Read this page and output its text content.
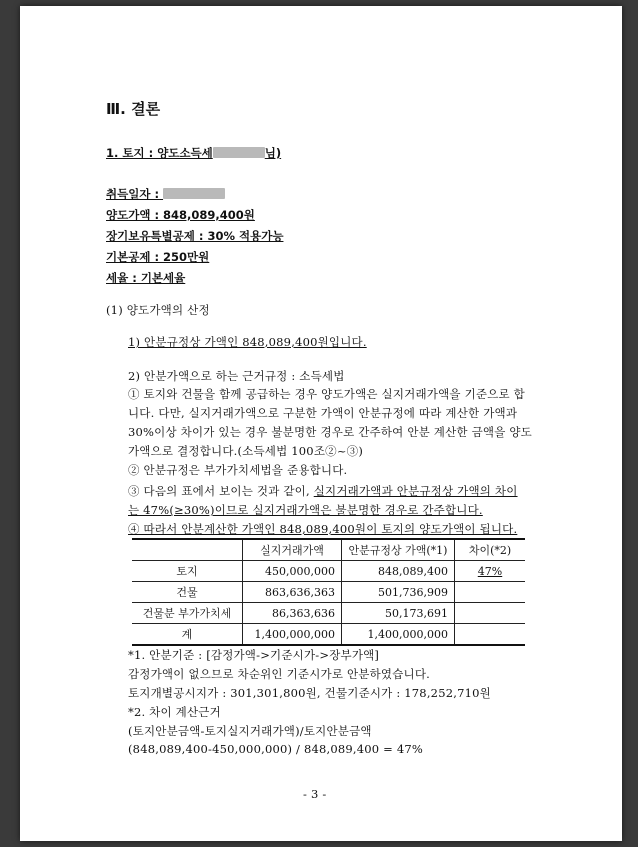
Ⅲ. 결론
1. 토지 : 양도소득세	님)
취득일자 :
양도가액 : 848,089,400원
장기보유특별공제 : 30% 적용가능
기본공제 : 250만원
세율 : 기본세율
(1) 양도가액의 산정
1) 안분규정상 가액인 848,089,400원입니다.
2) 안분가액으로 하는 근거규정 : 소득세법
① 토지와 건물을 함께 공급하는 경우 양도가액은 실지거래가액을 기준으로 합
니다. 다만, 실지거래가액으로 구분한 가액이 안분규정에 따라 계산한 가액과
30%이상 차이가 있는 경우 불분명한 경우로 간주하여 안분 계산한 금액을 양도
가액으로 결정합니다.(소득세법 100조②~③)
② 안분규정은 부가가치세법을 준용합니다.
③ 다음의 표에서 보이는 것과 같이, 실지거래가액과 안분규정상 가액의 차이
는 47%(≥30%)이므로 실지거래가액은 불분명한 경우로 간주합니다.
④ 따라서 안분계산한 가액인 848,089,400원이 토지의 양도가액이 됩니다.
	실지거래가액	안분규정상 가액(*1)	차이(*2)
토지	450,000,000	848,089,400	47%
건물	863,636,363	501,736,909	
건물분 부가가치세	86,363,636	50,173,691	
계	1,400,000,000	1,400,000,000	
*1. 안분기준 : [감정가액->기준시가->장부가액]
감정가액이 없으므로 차순위인 기준시가로 안분하였습니다.
토지개별공시지가 : 301,301,800원, 건물기준시가 : 178,252,710원
*2. 차이 계산근거
(토지안분금액-토지실지거래가액)/토지안분금액
(848,089,400-450,000,000) / 848,089,400 = 47%
- 3 -
